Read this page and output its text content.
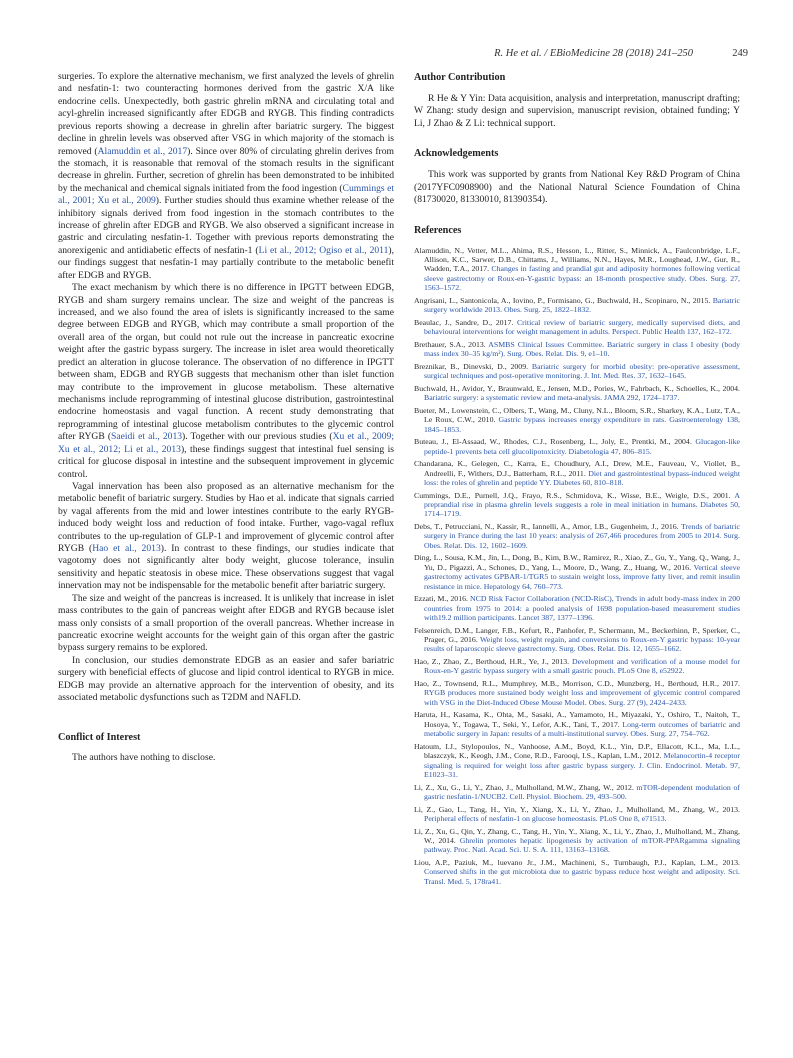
R. He et al. / EBioMedicine 28 (2018) 241–250	249

surgeries. To explore the alternative mechanism, we first analyzed the levels of ghrelin and nesfatin-1: two counteracting hormones derived from the gastric X/A like endocrine cells. Unexpectedly, both gastric ghrelin mRNA and circulating total and acyl-ghrelin increased significantly after EDGB and RYGB. This finding contradicts previous reports showing a decrease in ghrelin after bariatric surgery. The biggest decline in ghrelin levels was observed after VSG in which majority of the stomach is removed (Alamuddin et al., 2017). Since over 80% of circulating ghrelin derives from the stomach, it is reasonable that removal of the stomach results in the significant decrease in ghrelin. Further, secretion of ghrelin has been demonstrated to be inhibited by the mechanical and chemical signals initiated from the food ingestion (Cummings et al., 2001; Xu et al., 2009). Further studies should thus examine whether release of the inhibitory signals derived from food ingestion in the stomach contributes to the increase of ghrelin after EDGB and RYGB. We also observed a significant increase in gastric and circulating nesfatin-1. Together with previous reports demonstrating the anorexigenic and antidiabetic effects of nesfatin-1 (Li et al., 2012; Ogiso et al., 2011), our findings suggest that nesfatin-1 may partially contribute to the metabolic benefit after EDGB and RYGB.

The exact mechanism by which there is no difference in IPGTT between EDGB, RYGB and sham surgery remains unclear. The size and weight of the pancreas is increased, and we also found the area of islets is significantly increased to the same degree between EDGB and RYGB, which may contribute a small proportion of the overall area of the organ, but could not rule out the increase in pancreatic exocrine weight after the gastric bypass surgery. The increase in islet area would theoretically predict an alteration in glucose tolerance. The observation of no difference in IPGTT between sham, EDGB and RYGB suggests that mechanism other than islet function may contribute to the improvement in glucose metabolism. These alternative mechanisms include reprogramming of intestinal glucose distribution, gastrointestinal endocrine homeostasis and vagal function. A recent study demonstrating that reprogramming of intestinal glucose metabolism contributes to the glycemic control after RYGB (Saeidi et al., 2013). Together with our previous studies (Xu et al., 2009; Xu et al., 2012; Li et al., 2013), these findings suggest that intestinal fuel sensing is critical for glucose disposal in intestine and the subsequent improvement in glycemic control.

Vagal innervation has been also proposed as an alternative mechanism for the metabolic benefit of bariatric surgery. Studies by Hao et al. indicate that signals carried by vagal afferents from the mid and lower intestines contribute to the early RYGB-induced body weight loss and reduction of food intake. Further, vago-vagal reflux contributes to the up-regulation of GLP-1 and improvement of glycemic control after RYGB (Hao et al., 2013). In contrast to these findings, our studies indicate that vagotomy does not significantly alter body weight, glucose tolerance, insulin sensitivity and hepatic steatosis in obese mice. These observations suggest that vagal innervation may not be indispensable for the metabolic benefit after bariatric surgery.

The size and weight of the pancreas is increased. It is unlikely that increase in islet mass contributes to the gain of pancreas weight after EDGB and RYGB because islet mass only consists of a small proportion of the overall pancreas. Whether increase in pancreatic exocrine weight accounts for the weight gain of this organ after the gastric bypass surgery remains to be explored.

In conclusion, our studies demonstrate EDGB as an easier and safer bariatric surgery with beneficial effects of glucose and lipid control identical to RYGB in mice. EDGB may provide an alternative approach for the intervention of obesity, and its associated metabolic dysfunctions such as T2DM and NAFLD.

Conflict of Interest

The authors have nothing to disclose.

Author Contribution

R He & Y Yin: Data acquisition, analysis and interpretation, manuscript drafting; W Zhang: study design and supervision, manuscript revision, obtained funding; Y Li, J Zhao & Z Li: technical support.

Acknowledgements

This work was supported by grants from National Key R&D Program of China (2017YFC0908900) and the National Natural Science Foundation of China (81730020, 81330010, 81390354).

References

Alamuddin, N., Vetter, M.L., Ahima, R.S., Hesson, L., Ritter, S., Minnick, A., Faulconbridge, L.F., Allison, K.C., Sarwer, D.B., Chittams, J., Williams, N.N., Hayes, M.R., Loughead, J.W., Gur, R., Wadden, T.A., 2017. Changes in fasting and prandial gut and adiposity hormones following vertical sleeve gastrectomy or Roux-en-Y-gastric bypass: an 18-month prospective study. Obes. Surg. 27, 1563–1572.

Angrisani, L., Santonicola, A., Iovino, P., Formisano, G., Buchwald, H., Scopinaro, N., 2015. Bariatric surgery worldwide 2013. Obes. Surg. 25, 1822–1832.

Beaulac, J., Sandre, D., 2017. Critical review of bariatric surgery, medically supervised diets, and behavioural interventions for weight management in adults. Perspect. Public Health 137, 162–172.

Brethauer, S.A., 2013. ASMBS Clinical Issues Committee. Bariatric surgery in class I obesity (body mass index 30–35 kg/m²). Surg. Obes. Relat. Dis. 9, e1–10.

Breznikar, B., Dinevski, D., 2009. Bariatric surgery for morbid obesity: pre-operative assessment, surgical techniques and post-operative monitoring. J. Int. Med. Res. 37, 1632–1645.

Buchwald, H., Avidor, Y., Braunwald, E., Jensen, M.D., Pories, W., Fahrbach, K., Schoelles, K., 2004. Bariatric surgery: a systematic review and meta-analysis. JAMA 292, 1724–1737.

Bueter, M., Lowenstein, C., Olbers, T., Wang, M., Cluny, N.L., Bloom, S.R., Sharkey, K.A., Lutz, T.A., Le Roux, C.W., 2010. Gastric bypass increases energy expenditure in rats. Gastroenterology 138, 1845–1853.

Buteau, J., El-Assaad, W., Rhodes, C.J., Rosenberg, L., Joly, E., Prentki, M., 2004. Glucagon-like peptide-1 prevents beta cell glucolipotoxicity. Diabetologia 47, 806–815.

Chandarana, K., Gelegen, C., Karra, E., Choudhury, A.I., Drew, M.E., Fauveau, V., Viollet, B., Andreelli, F., Withers, D.J., Batterham, R.L., 2011. Diet and gastrointestinal bypass-induced weight loss: the roles of ghrelin and peptide YY. Diabetes 60, 810–818.

Cummings, D.E., Purnell, J.Q., Frayo, R.S., Schmidova, K., Wisse, B.E., Weigle, D.S., 2001. A preprandial rise in plasma ghrelin levels suggests a role in meal initiation in humans. Diabetes 50, 1714–1719.

Debs, T., Petrucciani, N., Kassir, R., Iannelli, A., Amor, I.B., Gugenheim, J., 2016. Trends of bariatric surgery in France during the last 10 years: analysis of 267,466 procedures from 2005 to 2014. Surg. Obes. Relat. Dis. 12, 1602–1609.

Ding, L., Sousa, K.M., Jin, L., Dong, B., Kim, B.W., Ramirez, R., Xiao, Z., Gu, Y., Yang, Q., Wang, J., Yu, D., Pigazzi, A., Schones, D., Yang, L., Moore, D., Wang, Z., Huang, W., 2016. Vertical sleeve gastrectomy activates GPBAR-1/TGR5 to sustain weight loss, improve fatty liver, and remit insulin resistance in mice. Hepatology 64, 760–773.

Ezzati, M., 2016. NCD Risk Factor Collaboration (NCD-RisC), Trends in adult body-mass index in 200 countries from 1975 to 2014: a pooled analysis of 1698 population-based measurement studies with19.2 million participants. Lancet 387, 1377–1396.

Felsenreich, D.M., Langer, F.B., Kefurt, R., Panhofer, P., Schermann, M., Beckerhinn, P., Sperker, C., Prager, G., 2016. Weight loss, weight regain, and conversions to Roux-en-Y gastric bypass: 10-year results of laparoscopic sleeve gastrectomy. Surg. Obes. Relat. Dis. 12, 1655–1662.

Hao, Z., Zhao, Z., Berthoud, H.R., Ye, J., 2013. Development and verification of a mouse model for Roux-en-Y gastric bypass surgery with a small gastric pouch. PLoS One 8, e52922.

Hao, Z., Townsend, R.L., Mumphrey, M.B., Morrison, C.D., Munzberg, H., Berthoud, H.R., 2017. RYGB produces more sustained body weight loss and improvement of glycemic control compared with VSG in the Diet-Induced Obese Mouse Model. Obes. Surg. 27 (9), 2424–2433.

Haruta, H., Kasama, K., Ohta, M., Sasaki, A., Yamamoto, H., Miyazaki, Y., Oshiro, T., Naitoh, T., Hosoya, Y., Togawa, T., Seki, Y., Lefor, A.K., Tani, T., 2017. Long-term outcomes of bariatric and metabolic surgery in Japan: results of a multi-institutional survey. Obes. Surg. 27, 754–762.

Hatoum, I.J., Stylopoulos, N., Vanhoose, A.M., Boyd, K.L., Yin, D.P., Ellacott, K.L., Ma, L.L., blaszczyk, K., Keogh, J.M., Cone, R.D., Farooqi, I.S., Kaplan, L.M., 2012. Melanocortin-4 receptor signaling is required for weight loss after gastric bypass surgery. J. Clin. Endocrinol. Metab. 97, E1023–31.

Li, Z., Xu, G., Li, Y., Zhao, J., Mulholland, M.W., Zhang, W., 2012. mTOR-dependent modulation of gastric nesfatin-1/NUCB2. Cell. Physiol. Biochem. 29, 493–500.

Li, Z., Gao, L., Tang, H., Yin, Y., Xiang, X., Li, Y., Zhao, J., Mulholland, M., Zhang, W., 2013. Peripheral effects of nesfatin-1 on glucose homeostasis. PLoS One 8, e71513.

Li, Z., Xu, G., Qin, Y., Zhang, C., Tang, H., Yin, Y., Xiang, X., Li, Y., Zhao, J., Mulholland, M., Zhang, W., 2014. Ghrelin promotes hepatic lipogenesis by activation of mTOR-PPARgamma signaling pathway. Proc. Natl. Acad. Sci. U. S. A. 111, 13163–13168.

Liou, A.P., Paziuk, M., luevano Jr., J.M., Machineni, S., Turnbaugh, P.J., Kaplan, L.M., 2013. Conserved shifts in the gut microbiota due to gastric bypass reduce host weight and adiposity. Sci. Transl. Med. 5, 178ra41.
